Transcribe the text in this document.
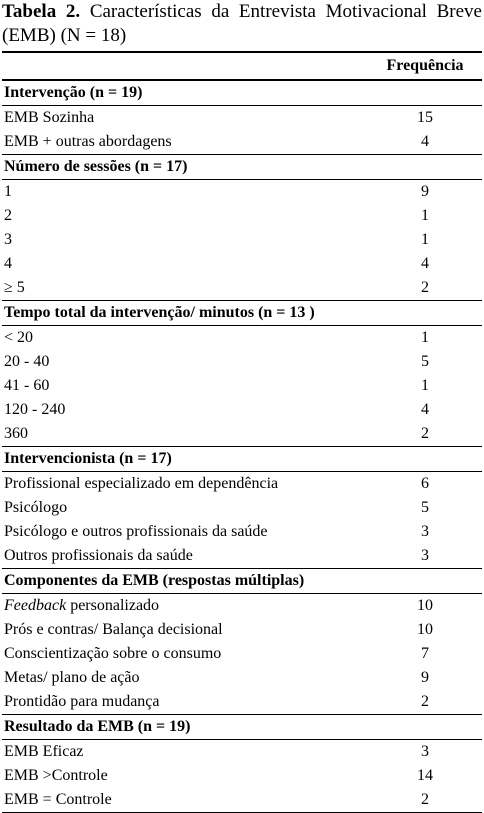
Tabela 2. Características da Entrevista Motivacional Breve (EMB) (N = 18)

	Frequência
Intervenção (n = 19)	
EMB Sozinha	15
EMB + outras abordagens	4
Número de sessões (n = 17)	
1	9
2	1
3	1
4	4
≥ 5	2
Tempo total da intervenção/ minutos (n = 13 )	
< 20	1
20 - 40	5
41 - 60	1
120 - 240	4
360	2
Intervencionista (n = 17)	
Profissional especializado em dependência	6
Psicólogo	5
Psicólogo e outros profissionais da saúde	3
Outros profissionais da saúde	3
Componentes da EMB (respostas múltiplas)	
Feedback personalizado	10
Prós e contras/ Balança decisional	10
Conscientização sobre o consumo	7
Metas/ plano de ação	9
Prontidão para mudança	2
Resultado da EMB (n = 19)	
EMB Eficaz	3
EMB >Controle	14
EMB = Controle	2
